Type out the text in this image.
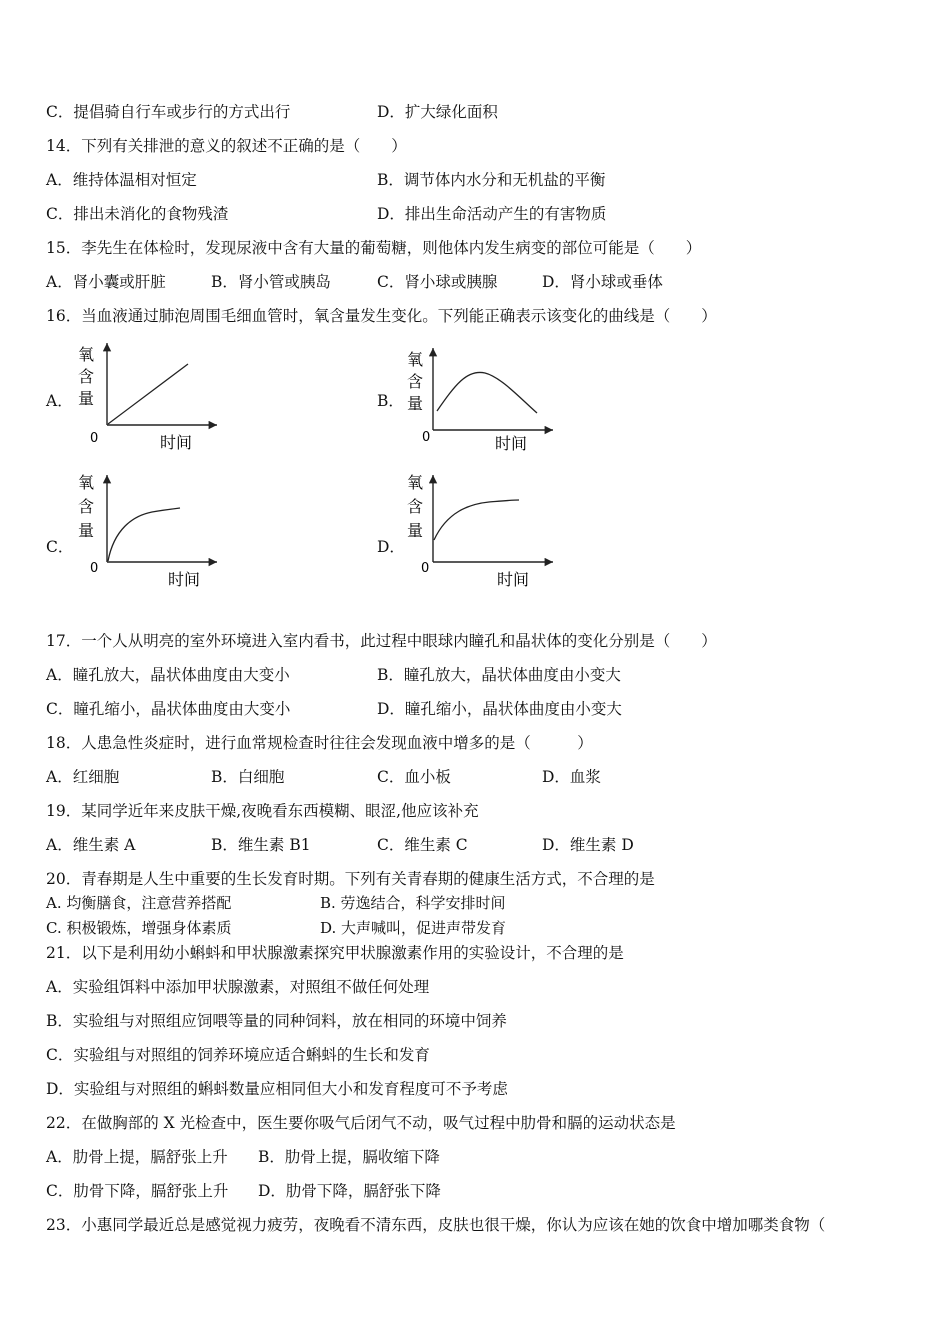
C．提倡骑自行车或步行的方式出行	D．扩大绿化面积
14．下列有关排泄的意义的叙述不正确的是（　　）
A．维持体温相对恒定	B．调节体内水分和无机盐的平衡
C．排出未消化的食物残渣	D．排出生命活动产生的有害物质
15．李先生在体检时，发现尿液中含有大量的葡萄糖，则他体内发生病变的部位可能是（　　）
A．肾小囊或肝脏	B．肾小管或胰岛	C．肾小球或胰腺	D．肾小球或垂体
16．当血液通过肺泡周围毛细血管时，氧含量发生变化。下列能正确表示该变化的曲线是（　　）
A．	B．
C．	D．
氧
含
量
0	时间
氧
含
量
0	时间
氧
含
量
0
时间
氧
含
量
0
时间
17．一个人从明亮的室外环境进入室内看书，此过程中眼球内瞳孔和晶状体的变化分别是（　　）
A．瞳孔放大，晶状体曲度由大变小	B．瞳孔放大，晶状体曲度由小变大
C．瞳孔缩小，晶状体曲度由大变小	D．瞳孔缩小，晶状体曲度由小变大
18．人患急性炎症时，进行血常规检查时往往会发现血液中增多的是（　　　）
A．红细胞	B．白细胞	C．血小板	D．血浆
19．某同学近年来皮肤干燥,夜晚看东西模糊、眼涩,他应该补充
A．维生素 A	B．维生素 B1	C．维生素 C	D．维生素 D
20．青春期是人生中重要的生长发育时期。下列有关青春期的健康生活方式，不合理的是
A. 均衡膳食，注意营养搭配	B. 劳逸结合，科学安排时间
C. 积极锻炼，增强身体素质	D. 大声喊叫，促进声带发育
21．以下是利用幼小蝌蚪和甲状腺激素探究甲状腺激素作用的实验设计，不合理的是
A．实验组饵料中添加甲状腺激素，对照组不做任何处理
B．实验组与对照组应饲喂等量的同种饲料，放在相同的环境中饲养
C．实验组与对照组的饲养环境应适合蝌蚪的生长和发育
D．实验组与对照组的蝌蚪数量应相同但大小和发育程度可不予考虑
22．在做胸部的 X 光检查中，医生要你吸气后闭气不动，吸气过程中肋骨和膈的运动状态是
A．肋骨上提，膈舒张上升 B．肋骨上提，膈收缩下降
C．肋骨下降，膈舒张上升 D．肋骨下降，膈舒张下降
23．小惠同学最近总是感觉视力疲劳，夜晚看不清东西，皮肤也很干燥，你认为应该在她的饮食中增加哪类食物（
